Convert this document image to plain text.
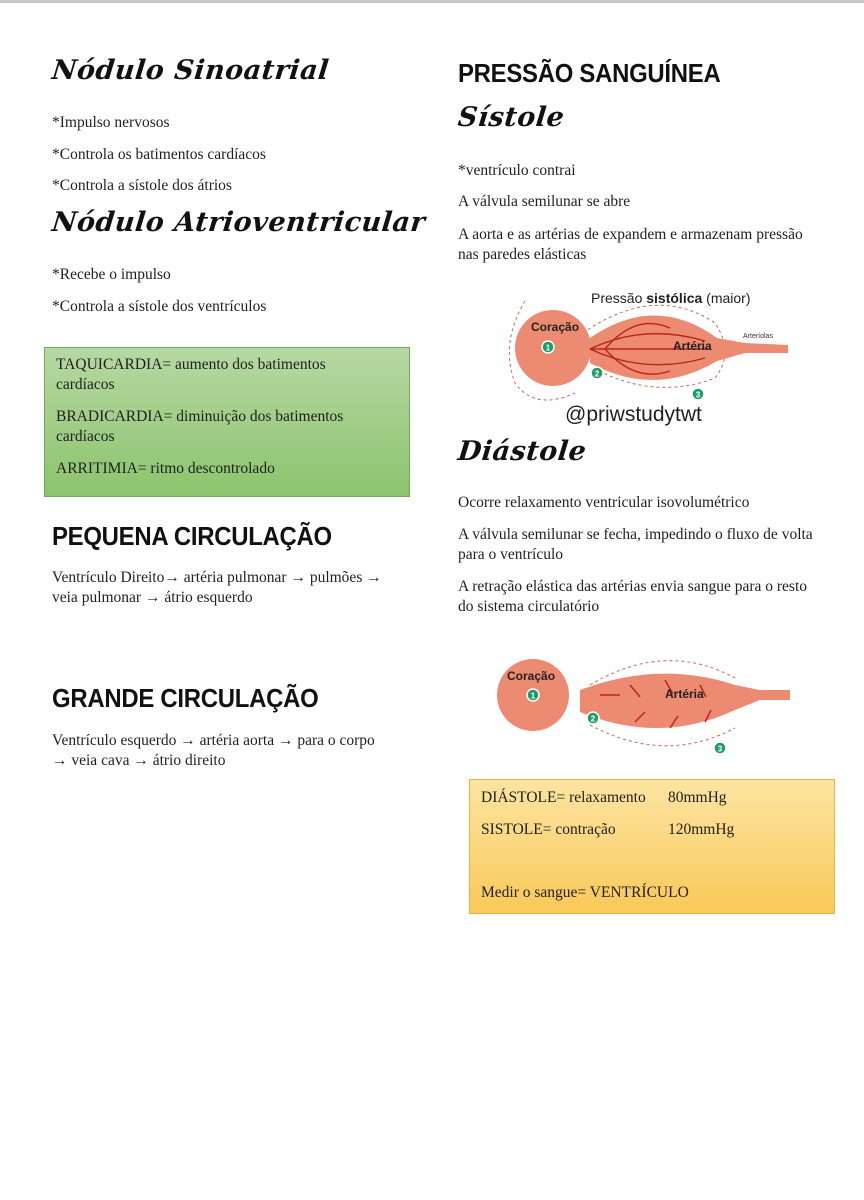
Nódulo Sinoatrial
*Impulso nervosos
*Controla os batimentos cardíacos
*Controla a sístole dos átrios
Nódulo Atrioventricular
*Recebe o impulso
*Controla a sístole dos ventrículos
TAQUICARDIA= aumento dos batimentos cardíacos
BRADICARDIA= diminuição dos batimentos cardíacos
ARRITIMIA= ritmo descontrolado
PEQUENA CIRCULAÇÃO
Ventrículo Direito→ artéria pulmonar → pulmões → veia pulmonar → átrio esquerdo
GRANDE CIRCULAÇÃO
Ventrículo esquerdo → artéria aorta → para o corpo → veia cava → átrio direito
PRESSÃO SANGUÍNEA
Sístole
*ventrículo contrai
A válvula semilunar se abre
A aorta e as artérias de expandem e armazenam pressão nas paredes elásticas
Pressão sistólica (maior)
Coração
Artéria
Arteríolas
1
2
3
@priwstudytwt
Diástole
Ocorre relaxamento ventricular isovolumétrico
A válvula semilunar se fecha, impedindo o fluxo de volta para o ventrículo
A retração elástica das artérias envia sangue para o resto do sistema circulatório
Coração
Artéria
1
2
3
DIÁSTOLE= relaxamento 80mmHg
SISTOLE= contração	120mmHg
Medir o sangue= VENTRÍCULO
